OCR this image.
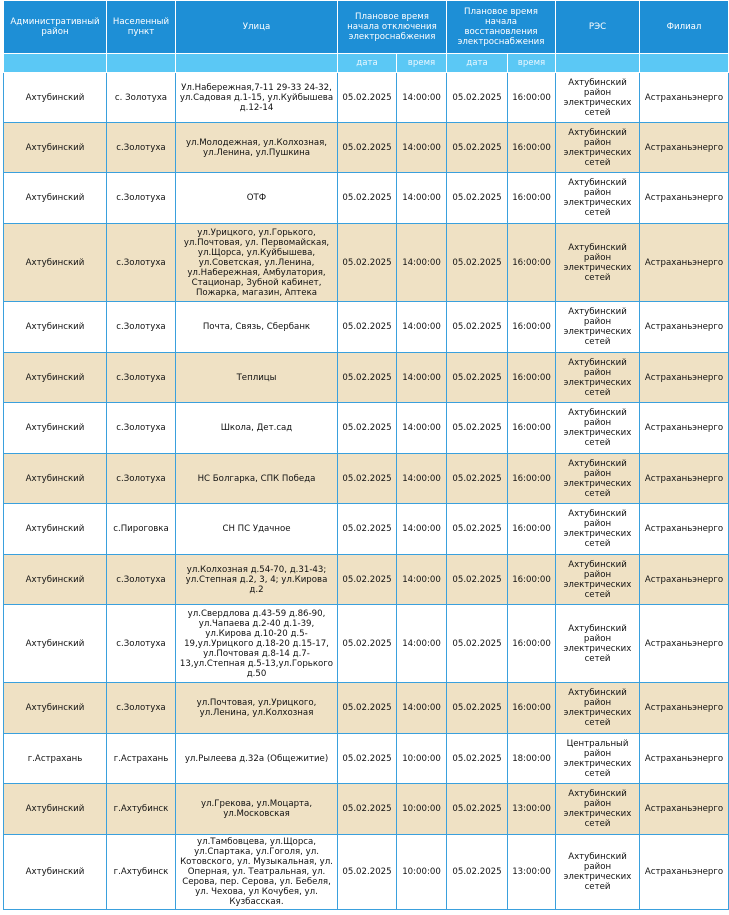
Административный район	Населенный пункт	Улица	Плановое время начала отключения электроснабжения		Плановое время начала восстановления электроснабжения		РЭС	Филиал
			дата	время	дата	время		
Ахтубинский	с. Золотуха	Ул.Набережная,7-11 29-33 24-32, ул.Садовая д.1-15, ул.Куйбышева д.12-14	05.02.2025	14:00:00	05.02.2025	16:00:00	Ахтубинский район электрических сетей	Астраханьэнерго
Ахтубинский	с.Золотуха	ул.Молодежная, ул.Колхозная, ул.Ленина, ул.Пушкина	05.02.2025	14:00:00	05.02.2025	16:00:00	Ахтубинский район электрических сетей	Астраханьэнерго
Ахтубинский	с.Золотуха	ОТФ	05.02.2025	14:00:00	05.02.2025	16:00:00	Ахтубинский район электрических сетей	Астраханьэнерго
Ахтубинский	с.Золотуха	ул.Урицкого, ул.Горького, ул.Почтовая, ул. Первомайская, ул.Щорса, ул.Куйбышева, ул.Советская, ул.Ленина, ул.Набережная, Амбулатория, Стационар, Зубной кабинет, Пожарка, магазин, Аптека	05.02.2025	14:00:00	05.02.2025	16:00:00	Ахтубинский район электрических сетей	Астраханьэнерго
Ахтубинский	с.Золотуха	Почта, Связь, Сбербанк	05.02.2025	14:00:00	05.02.2025	16:00:00	Ахтубинский район электрических сетей	Астраханьэнерго
Ахтубинский	с.Золотуха	Теплицы	05.02.2025	14:00:00	05.02.2025	16:00:00	Ахтубинский район электрических сетей	Астраханьэнерго
Ахтубинский	с.Золотуха	Школа, Дет.сад	05.02.2025	14:00:00	05.02.2025	16:00:00	Ахтубинский район электрических сетей	Астраханьэнерго
Ахтубинский	с.Золотуха	НС Болгарка, СПК Победа	05.02.2025	14:00:00	05.02.2025	16:00:00	Ахтубинский район электрических сетей	Астраханьэнерго
Ахтубинский	с.Пироговка	СН ПС Удачное	05.02.2025	14:00:00	05.02.2025	16:00:00	Ахтубинский район электрических сетей	Астраханьэнерго
Ахтубинский	с.Золотуха	ул.Колхозная д.54-70, д.31-43; ул.Степная д.2, 3, 4; ул.Кирова д.2	05.02.2025	14:00:00	05.02.2025	16:00:00	Ахтубинский район электрических сетей	Астраханьэнерго
Ахтубинский	с.Золотуха	ул.Свердлова д.43-59 д.86-90, ул.Чапаева д.2-40 д.1-39, ул.Кирова д.10-20 д.5-19,ул.Урицкого д.18-20 д.15-17, ул.Почтовая д.8-14 д.7-13,ул.Степная д.5-13,ул.Горького д.50	05.02.2025	14:00:00	05.02.2025	16:00:00	Ахтубинский район электрических сетей	Астраханьэнерго
Ахтубинский	с.Золотуха	ул.Почтовая, ул.Урицкого, ул.Ленина, ул.Колхозная	05.02.2025	14:00:00	05.02.2025	16:00:00	Ахтубинский район электрических сетей	Астраханьэнерго
г.Астрахань	г.Астрахань	ул.Рылеева д.32а (Общежитие)	05.02.2025	10:00:00	05.02.2025	18:00:00	Центральный район электрических сетей	Астраханьэнерго
Ахтубинский	г.Ахтубинск	ул.Грекова, ул.Моцарта, ул.Московская	05.02.2025	10:00:00	05.02.2025	13:00:00	Ахтубинский район электрических сетей	Астраханьэнерго
Ахтубинский	г.Ахтубинск	ул.Тамбовцева, ул.Щорса, ул.Спартака, ул.Гоголя, ул. Котовского, ул. Музыкальная, ул. Оперная, ул. Театральная, ул. Серова, пер. Серова, ул. Бебеля, ул. Чехова, ул Кочубея, ул. Кузбасская.	05.02.2025	10:00:00	05.02.2025	13:00:00	Ахтубинский район электрических сетей	Астраханьэнерго
